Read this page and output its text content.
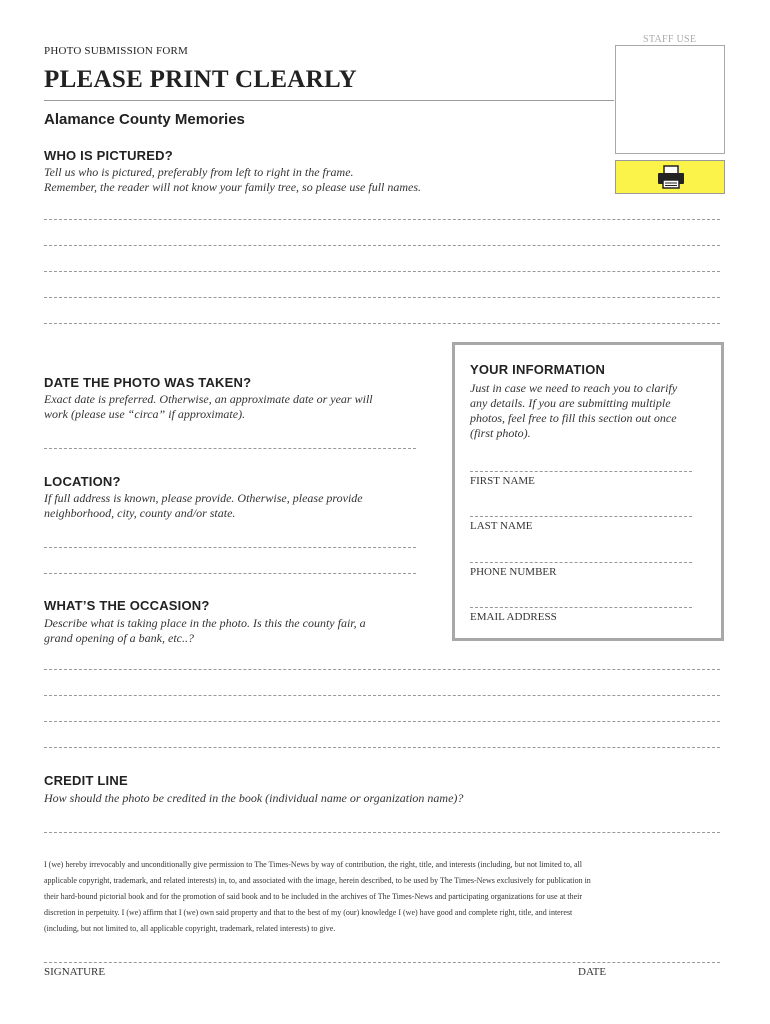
PHOTO SUBMISSION FORM
PLEASE PRINT CLEARLY
Alamance County Memories
STAFF USE
WHO IS PICTURED?
Tell us who is pictured, preferably from left to right in the frame.
Remember, the reader will not know your family tree, so please use full names.
DATE THE PHOTO WAS TAKEN?
Exact date is preferred. Otherwise, an approximate date or year will
work (please use “circa” if approximate).
LOCATION?
If full address is known, please provide. Otherwise, please provide
neighborhood, city, county and/or state.
WHAT’S THE OCCASION?
Describe what is taking place in the photo. Is this the county fair, a
grand opening of a bank, etc..?
YOUR INFORMATION
Just in case we need to reach you to clarify
any details. If you are submitting multiple
photos, feel free to fill this section out once
(first photo).
FIRST NAME
LAST NAME
PHONE NUMBER
EMAIL ADDRESS
CREDIT LINE
How should the photo be credited in the book (individual name or organization name)?
I (we) hereby irrevocably and unconditionally give permission to The Times-News by way of contribution, the right, title, and interests (including, but not limited to, all
applicable copyright, trademark, and related interests) in, to, and associated with the image, herein described, to be used by The Times-News exclusively for publication in
their hard-bound pictorial book and for the promotion of said book and to be included in the archives of The Times-News and participating organizations for use at their
discretion in perpetuity. I (we) affirm that I (we) own said property and that to the best of my (our) knowledge I (we) have good and complete right, title, and interest
(including, but not limited to, all applicable copyright, trademark, related interests) to give.
SIGNATURE	DATE
